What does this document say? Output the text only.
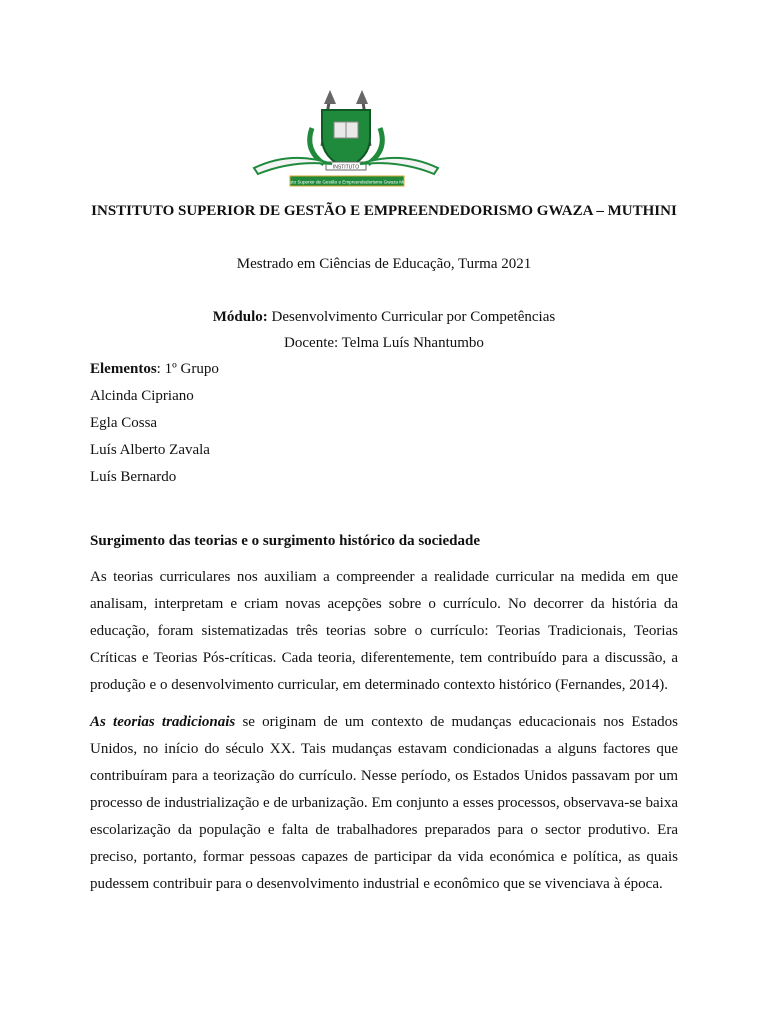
INSTITUTO
Instituto Superior de Gestão e Empreendedorismo Gwaza Muthini
INSTITUTO SUPERIOR DE GESTÃO E EMPREENDEDORISMO GWAZA – MUTHINI
Mestrado em Ciências de Educação, Turma 2021
Módulo: Desenvolvimento Curricular por Competências
Docente: Telma Luís Nhantumbo
Elementos: 1º Grupo
Alcinda Cipriano
Egla Cossa
Luís Alberto Zavala
Luís Bernardo
Surgimento das teorias e o surgimento histórico da sociedade

As teorias curriculares nos auxiliam a compreender a realidade curricular na medida em que analisam, interpretam e criam novas acepções sobre o currículo. No decorrer da história da educação, foram sistematizadas três teorias sobre o currículo: Teorias Tradicionais, Teorias Críticas e Teorias Pós-críticas. Cada teoria, diferentemente, tem contribuído para a discussão, a produção e o desenvolvimento curricular, em determinado contexto histórico (Fernandes, 2014).

As teorias tradicionais se originam de um contexto de mudanças educacionais nos Estados Unidos, no início do século XX. Tais mudanças estavam condicionadas a alguns factores que contribuíram para a teorização do currículo. Nesse período, os Estados Unidos passavam por um processo de industrialização e de urbanização. Em conjunto a esses processos, observava-se baixa escolarização da população e falta de trabalhadores preparados para o sector produtivo. Era preciso, portanto, formar pessoas capazes de participar da vida económica e política, as quais pudessem contribuir para o desenvolvimento industrial e econômico que se vivenciava à época.
